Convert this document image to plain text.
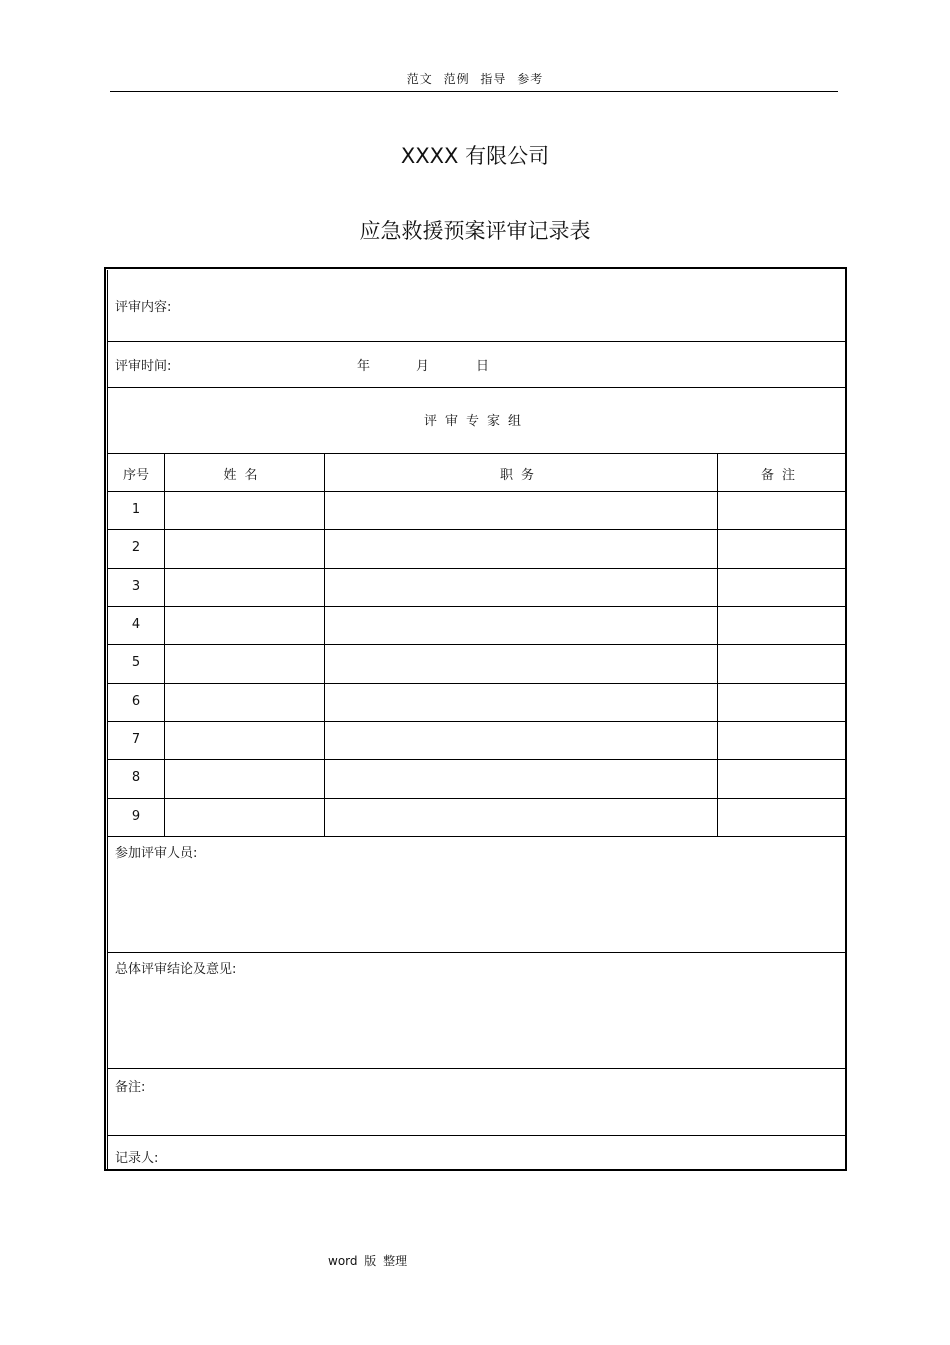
范文 范例 指导 参考
XXXX 有限公司
应急救援预案评审记录表
评审内容:
评审时间:	年	月	日
评审专家组
序号	姓名	职务	备注
1
2
3
4
5
6
7
8
9
参加评审人员:
总体评审结论及意见:
备注:
记录人:
word 版 整理
